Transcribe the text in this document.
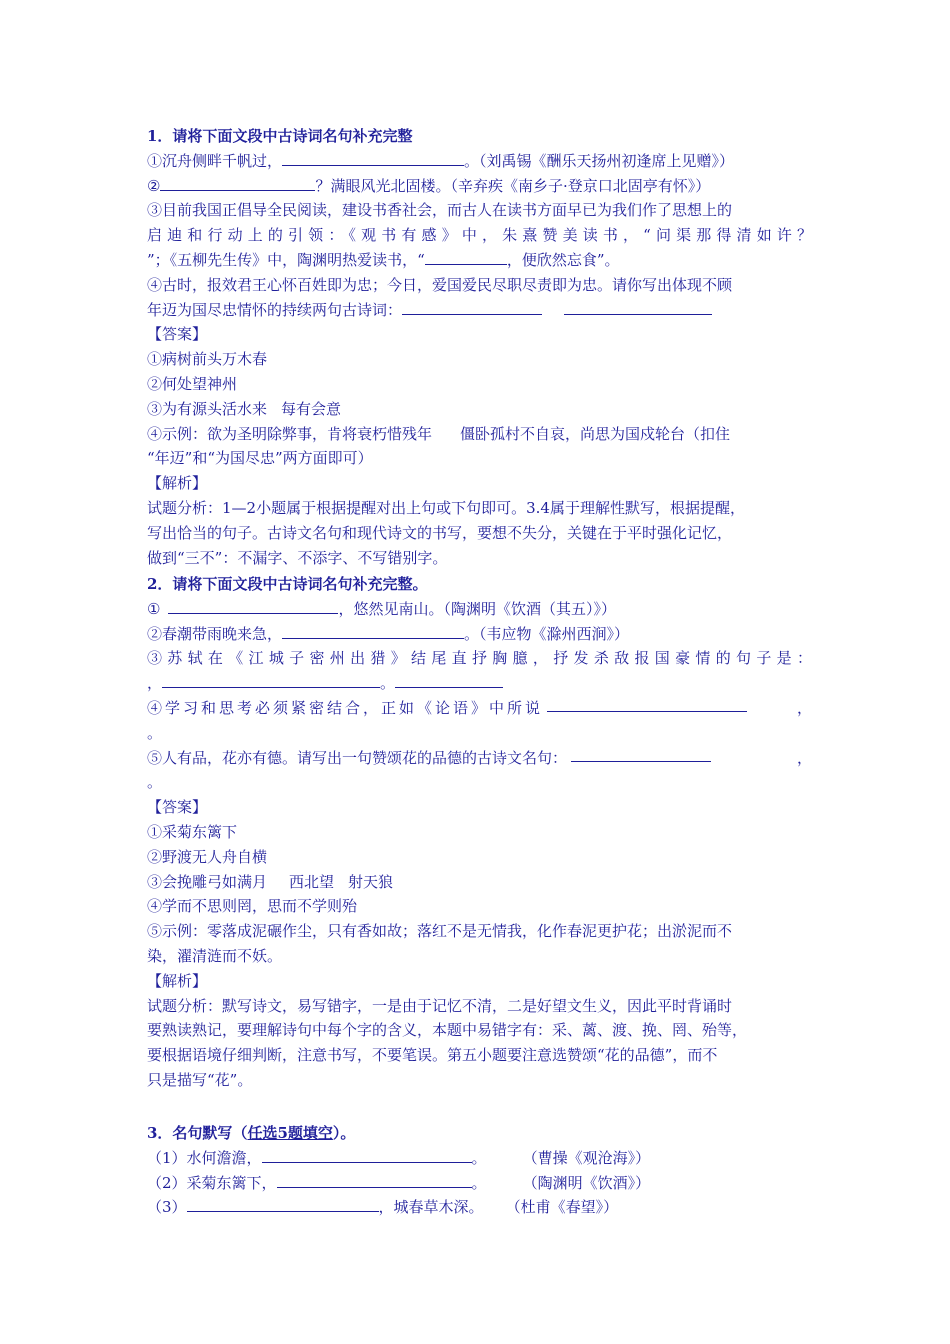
1．请将下面文段中古诗词名句补充完整
①沉舟侧畔千帆过，	。（刘禹锡《酬乐天扬州初逢席上见赠》）
②	？满眼风光北固楼。（辛弃疾《南乡子·登京口北固亭有怀》）
③目前我国正倡导全民阅读，建设书香社会，而古人在读书方面早已为我们作了思想上的
启迪和行动上的引领：《观书有感》中，朱熹赞美读书，“问渠那得清如许？
”；《五柳先生传》中，陶渊明热爱读书，“	，便欣然忘食”。
④古时，报效君王心怀百姓即为忠；今日，爱国爱民尽职尽责即为忠。请你写出体现不顾
年迈为国尽忠情怀的持续两句古诗词：
【答案】
①病树前头万木春
②何处望神州
③为有源头活水来 每有会意
④示例：欲为圣明除弊事，肯将衰朽惜残年 僵卧孤村不自哀，尚思为国戍轮台（扣住
“年迈”和“为国尽忠”两方面即可）
【解析】
试题分析：1—2小题属于根据提醒对出上句或下句即可。3.4属于理解性默写，根据提醒，
写出恰当的句子。古诗文名句和现代诗文的书写，要想不失分，关键在于平时强化记忆，
做到“三不”：不漏字、不添字、不写错别字。
2．请将下面文段中古诗词名句补充完整。
①	，悠然见南山。（陶渊明《饮酒（其五）》）
②春潮带雨晚来急，	。（韦应物《滁州西涧》）
③苏轼在《江城子密州出猎》结尾直抒胸臆，抒发杀敌报国豪情的句子是：
，	。
④学习和思考必须紧密结合，正如《论语》中所说	，
。
⑤人有品，花亦有德。请写出一句赞颂花的品德的古诗文名句：	，
。
【答案】
①采菊东篱下
②野渡无人舟自横
③会挽雕弓如满月 西北望 射天狼
④学而不思则罔，思而不学则殆
⑤示例：零落成泥碾作尘，只有香如故；落红不是无情我，化作春泥更护花；出淤泥而不
染，濯清涟而不妖。
【解析】
试题分析：默写诗文，易写错字，一是由于记忆不清，二是好望文生义，因此平时背诵时
要熟读熟记，要理解诗句中每个字的含义，本题中易错字有：采、蓠、渡、挽、罔、殆等，
要根据语境仔细判断，注意书写，不要笔误。第五小题要注意选赞颂“花的品德”，而不
只是描写“花”。
3．名句默写（任选5题填空）。
（1）水何澹澹，	。 （曹操《观沧海》）
（2）采菊东篱下，	。 （陶渊明《饮酒》）
（3）	，城春草木深。 （杜甫《春望》）
